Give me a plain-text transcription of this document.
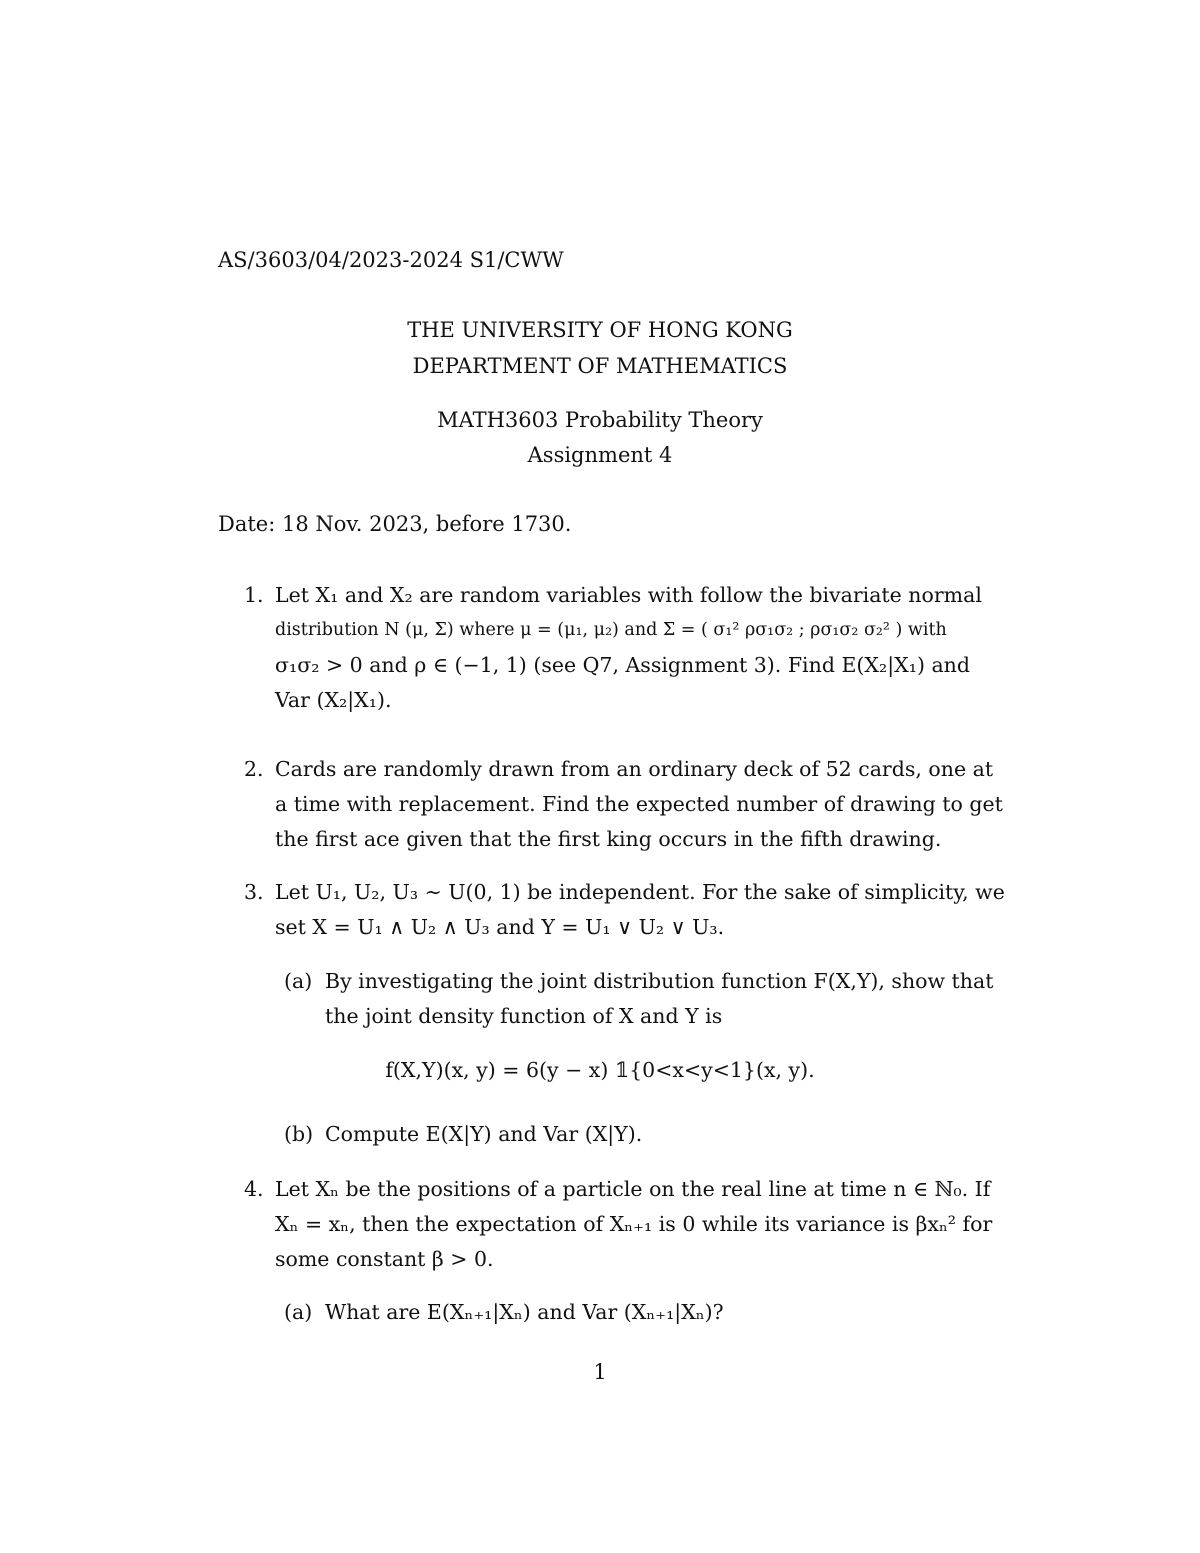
AS/3603/04/2023-2024 S1/CWW
THE UNIVERSITY OF HONG KONG
DEPARTMENT OF MATHEMATICS
MATH3603 Probability Theory
Assignment 4
Date: 18 Nov. 2023, before 1730.
1. Let X₁ and X₂ are random variables with follow the bivariate normal
distribution N (μ, Σ) where μ = (μ₁, μ₂) and Σ = ( σ₁² ρσ₁σ₂ ; ρσ₁σ₂ σ₂² ) with
σ₁σ₂ > 0 and ρ ∈ (−1, 1) (see Q7, Assignment 3). Find E(X₂|X₁) and
Var (X₂|X₁).
2. Cards are randomly drawn from an ordinary deck of 52 cards, one at
a time with replacement. Find the expected number of drawing to get
the first ace given that the first king occurs in the fifth drawing.
3. Let U₁, U₂, U₃ ∼ U(0, 1) be independent. For the sake of simplicity, we
set X = U₁ ∧ U₂ ∧ U₃ and Y = U₁ ∨ U₂ ∨ U₃.
(a) By investigating the joint distribution function F(X,Y), show that
the joint density function of X and Y is
f(X,Y)(x, y) = 6(y − x) 𝟙{0<x<y<1}(x, y).
(b) Compute E(X|Y) and Var (X|Y).
4. Let Xₙ be the positions of a particle on the real line at time n ∈ ℕ₀. If
Xₙ = xₙ, then the expectation of Xₙ₊₁ is 0 while its variance is βxₙ² for
some constant β > 0.
(a) What are E(Xₙ₊₁|Xₙ) and Var (Xₙ₊₁|Xₙ)?
1
